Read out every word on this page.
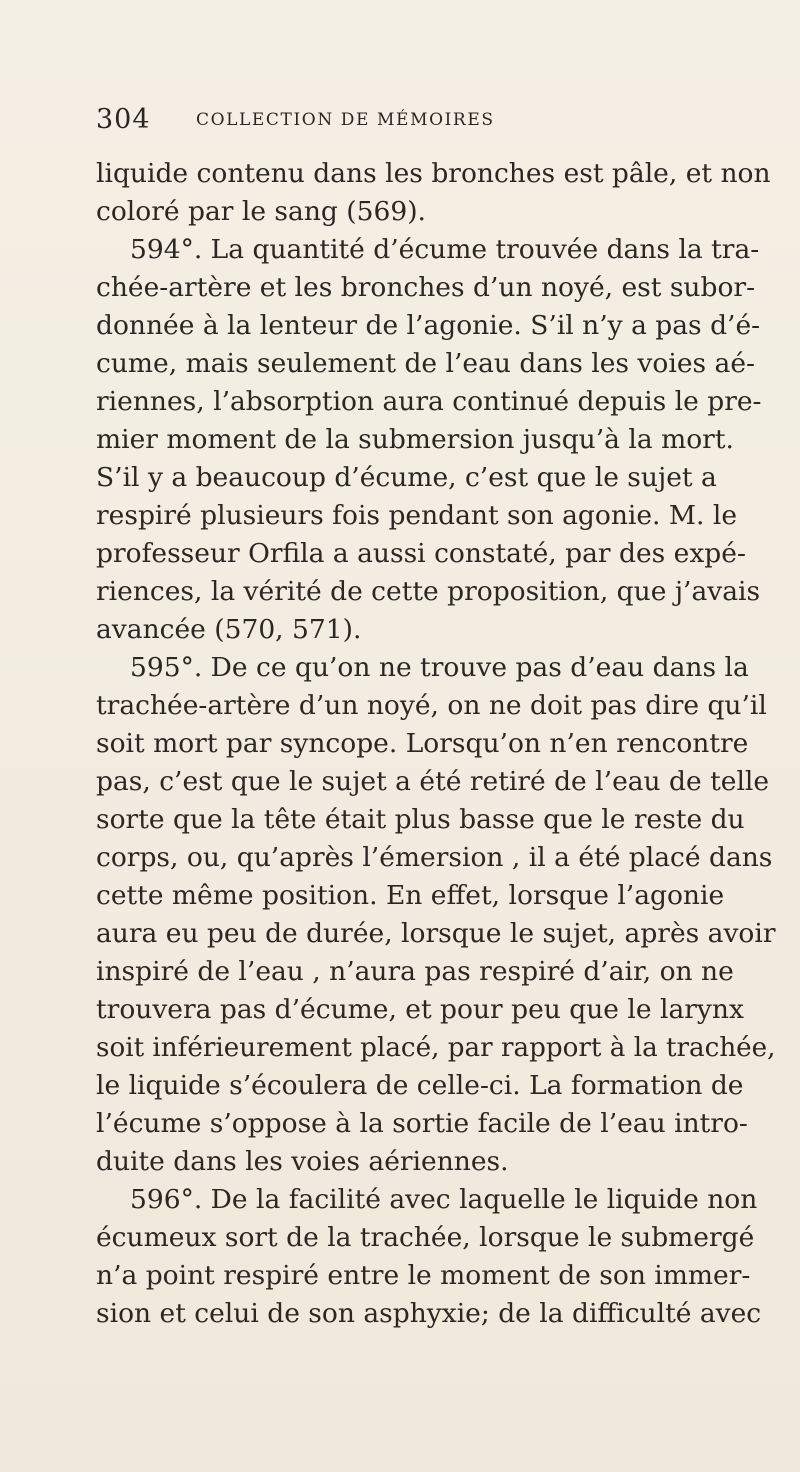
304	COLLECTION DE MÉMOIRES
liquide contenu dans les bronches est pâle, et non
coloré par le sang (569).
594°. La quantité d’écume trouvée dans la tra-
chée-artère et les bronches d’un noyé, est subor-
donnée à la lenteur de l’agonie. S’il n’y a pas d’é-
cume, mais seulement de l’eau dans les voies aé-
riennes, l’absorption aura continué depuis le pre-
mier moment de la submersion jusqu’à la mort.
S’il y a beaucoup d’écume, c’est que le sujet a
respiré plusieurs fois pendant son agonie. M. le
professeur Orfila a aussi constaté, par des expé-
riences, la vérité de cette proposition, que j’avais
avancée (570, 571).
595°. De ce qu’on ne trouve pas d’eau dans la
trachée-artère d’un noyé, on ne doit pas dire qu’il
soit mort par syncope. Lorsqu’on n’en rencontre
pas, c’est que le sujet a été retiré de l’eau de telle
sorte que la tête était plus basse que le reste du
corps, ou, qu’après l’émersion , il a été placé dans
cette même position. En effet, lorsque l’agonie
aura eu peu de durée, lorsque le sujet, après avoir
inspiré de l’eau , n’aura pas respiré d’air, on ne
trouvera pas d’écume, et pour peu que le larynx
soit inférieurement placé, par rapport à la trachée,
le liquide s’écoulera de celle-ci. La formation de
l’écume s’oppose à la sortie facile de l’eau intro-
duite dans les voies aériennes.
596°. De la facilité avec laquelle le liquide non
écumeux sort de la trachée, lorsque le submergé
n’a point respiré entre le moment de son immer-
sion et celui de son asphyxie; de la difficulté avec
